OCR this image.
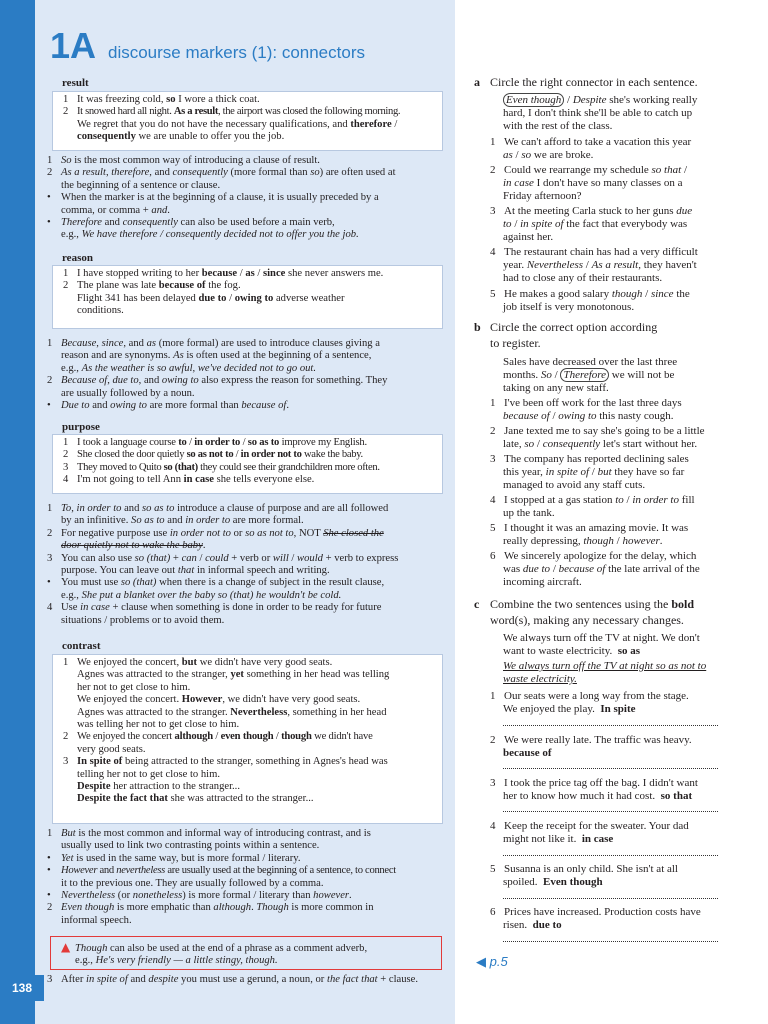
138
1A discourse markers (1): connectors
result
1 It was freezing cold, so I wore a thick coat.
2 It snowed hard all night. As a result, the airport was closed the following morning.
We regret that you do not have the necessary qualifications, and therefore /
consequently we are unable to offer you the job.
1 So is the most common way of introducing a clause of result.
2 As a result, therefore, and consequently (more formal than so) are often used at
the beginning of a sentence or clause.
• When the marker is at the beginning of a clause, it is usually preceded by a
comma, or comma + and.
• Therefore and consequently can also be used before a main verb,
e.g., We have therefore / consequently decided not to offer you the job.
reason
1 I have stopped writing to her because / as / since she never answers me.
2 The plane was late because of the fog.
Flight 341 has been delayed due to / owing to adverse weather
conditions.
1 Because, since, and as (more formal) are used to introduce clauses giving a
reason and are synonyms. As is often used at the beginning of a sentence,
e.g., As the weather is so awful, we've decided not to go out.
2 Because of, due to, and owing to also express the reason for something. They
are usually followed by a noun.
• Due to and owing to are more formal than because of.
purpose
1 I took a language course to / in order to / so as to improve my English.
2 She closed the door quietly so as not to / in order not to wake the baby.
3 They moved to Quito so (that) they could see their grandchildren more often.
4 I'm not going to tell Ann in case she tells everyone else.
1 To, in order to and so as to introduce a clause of purpose and are all followed
by an infinitive. So as to and in order to are more formal.
2 For negative purpose use in order not to or so as not to, NOT She closed the
door quietly not to wake the baby.
3 You can also use so (that) + can / could + verb or will / would + verb to express
purpose. You can leave out that in informal speech and writing.
• You must use so (that) when there is a change of subject in the result clause,
e.g., She put a blanket over the baby so (that) he wouldn't be cold.
4 Use in case + clause when something is done in order to be ready for future
situations / problems or to avoid them.
contrast
1 We enjoyed the concert, but we didn't have very good seats.
Agnes was attracted to the stranger, yet something in her head was telling
her not to get close to him.
We enjoyed the concert. However, we didn't have very good seats.
Agnes was attracted to the stranger. Nevertheless, something in her head
was telling her not to get close to him.
2 We enjoyed the concert although / even though / though we didn't have
very good seats.
3 In spite of being attracted to the stranger, something in Agnes's head was
telling her not to get close to him.
Despite her attraction to the stranger...
Despite the fact that she was attracted to the stranger...
1 But is the most common and informal way of introducing contrast, and is
usually used to link two contrasting points within a sentence.
• Yet is used in the same way, but is more formal / literary.
• However and nevertheless are usually used at the beginning of a sentence, to connect
it to the previous one. They are usually followed by a comma.
• Nevertheless (or nonetheless) is more formal / literary than however.
2 Even though is more emphatic than although. Though is more common in
informal speech.
▲ Though can also be used at the end of a phrase as a comment adverb,
e.g., He's very friendly — a little stingy, though.
3 After in spite of and despite you must use a gerund, a noun, or the fact that + clause.
a Circle the right connector in each sentence.
Even though / Despite she's working really
hard, I don't think she'll be able to catch up
with the rest of the class.
1 We can't afford to take a vacation this year
as / so we are broke.
2 Could we rearrange my schedule so that /
in case I don't have so many classes on a
Friday afternoon?
3 At the meeting Carla stuck to her guns due
to / in spite of the fact that everybody was
against her.
4 The restaurant chain has had a very difficult
year. Nevertheless / As a result, they haven't
had to close any of their restaurants.
5 He makes a good salary though / since the
job itself is very monotonous.
b Circle the correct option according
to register.
Sales have decreased over the last three
months. So / Therefore we will not be
taking on any new staff.
1 I've been off work for the last three days
because of / owing to this nasty cough.
2 Jane texted me to say she's going to be a little
late, so / consequently let's start without her.
3 The company has reported declining sales
this year, in spite of / but they have so far
managed to avoid any staff cuts.
4 I stopped at a gas station to / in order to fill
up the tank.
5 I thought it was an amazing movie. It was
really depressing, though / however.
6 We sincerely apologize for the delay, which
was due to / because of the late arrival of the
incoming aircraft.
c Combine the two sentences using the bold
word(s), making any necessary changes.
We always turn off the TV at night. We don't
want to waste electricity.  so as
We always turn off the TV at night so as not to
waste electricity.
1 Our seats were a long way from the stage.
We enjoyed the play.  In spite
2 We were really late. The traffic was heavy.
because of
3 I took the price tag off the bag. I didn't want
her to know how much it had cost.  so that
4 Keep the receipt for the sweater. Your dad
might not like it.  in case
5 Susanna is an only child. She isn't at all
spoiled.  Even though
6 Prices have increased. Production costs have
risen.  due to
◀ p.5
